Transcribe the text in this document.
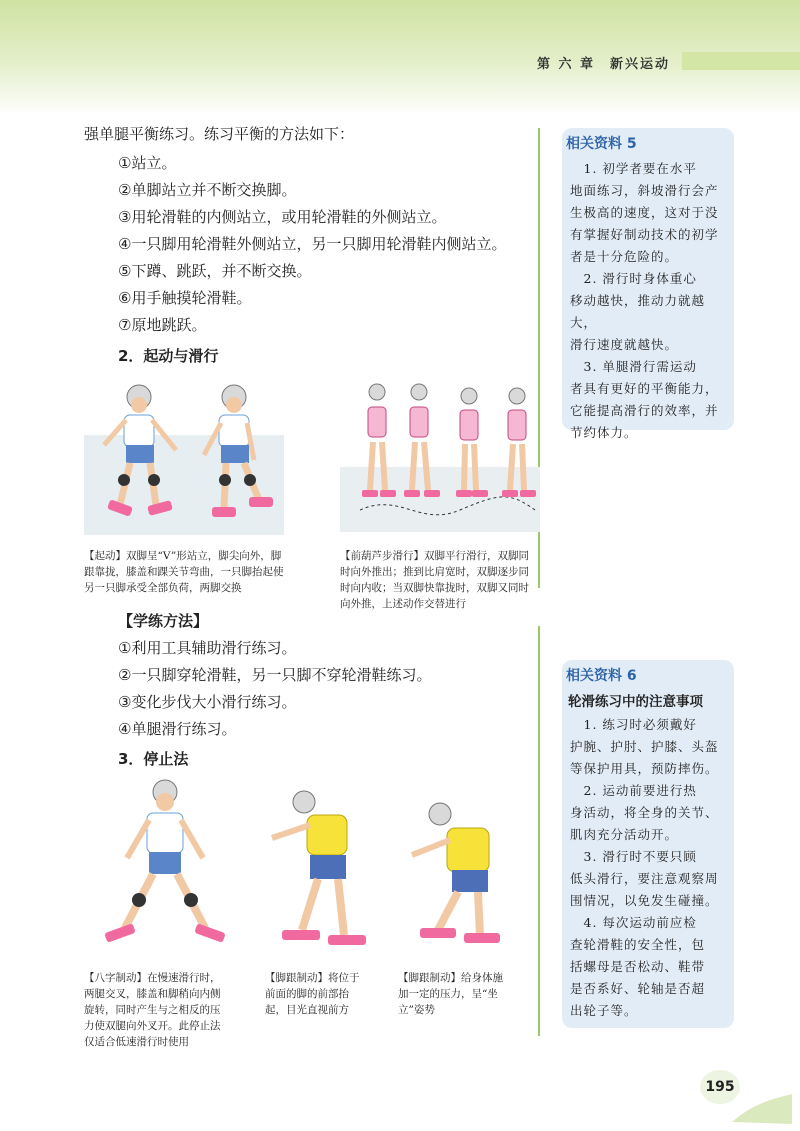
第 六 章　新兴运动
强单腿平衡练习。练习平衡的方法如下：
①站立。
②单脚站立并不断交换脚。
③用轮滑鞋的内侧站立，或用轮滑鞋的外侧站立。
④一只脚用轮滑鞋外侧站立，另一只脚用轮滑鞋内侧站立。
⑤下蹲、跳跃，并不断交换。
⑥用手触摸轮滑鞋。
⑦原地跳跃。
2．起动与滑行
【起动】双脚呈“V”形站立，脚尖向外，脚
跟靠拢，膝盖和踝关节弯曲，一只脚抬起使
另一只脚承受全部负荷，两脚交换
【前葫芦步滑行】双脚平行滑行，双脚同
时向外推出；推到比肩宽时，双脚逐步同
时向内收；当双脚快靠拢时，双脚又同时
向外推，上述动作交替进行
【学练方法】
①利用工具辅助滑行练习。
②一只脚穿轮滑鞋，另一只脚不穿轮滑鞋练习。
③变化步伐大小滑行练习。
④单腿滑行练习。
3．停止法
【八字制动】在慢速滑行时，
两腿交叉，膝盖和脚稍向内侧
旋转，同时产生与之相反的压
力使双腿向外叉开。此停止法
仅适合低速滑行时使用
【脚跟制动】将位于
前面的脚的前部抬
起，目光直视前方
【脚跟制动】给身体施
加一定的压力，呈“坐
立”姿势
　1. 初学者要在水平
地面练习，斜坡滑行会产
生极高的速度，这对于没
有掌握好制动技术的初学
者是十分危险的。
　2. 滑行时身体重心
移动越快，推动力就越大，
滑行速度就越快。
　3. 单腿滑行需运动
者具有更好的平衡能力，
它能提高滑行的效率，并
节约体力。
相关资料 5
轮滑练习中的注意事项
　1. 练习时必须戴好
护腕、护肘、护膝、头盔
等保护用具，预防摔伤。
　2. 运动前要进行热
身活动，将全身的关节、
肌肉充分活动开。
　3. 滑行时不要只顾
低头滑行，要注意观察周
围情况，以免发生碰撞。
　4. 每次运动前应检
查轮滑鞋的安全性，包
括螺母是否松动、鞋带
是否系好、轮轴是否超
出轮子等。
相关资料 6
195
